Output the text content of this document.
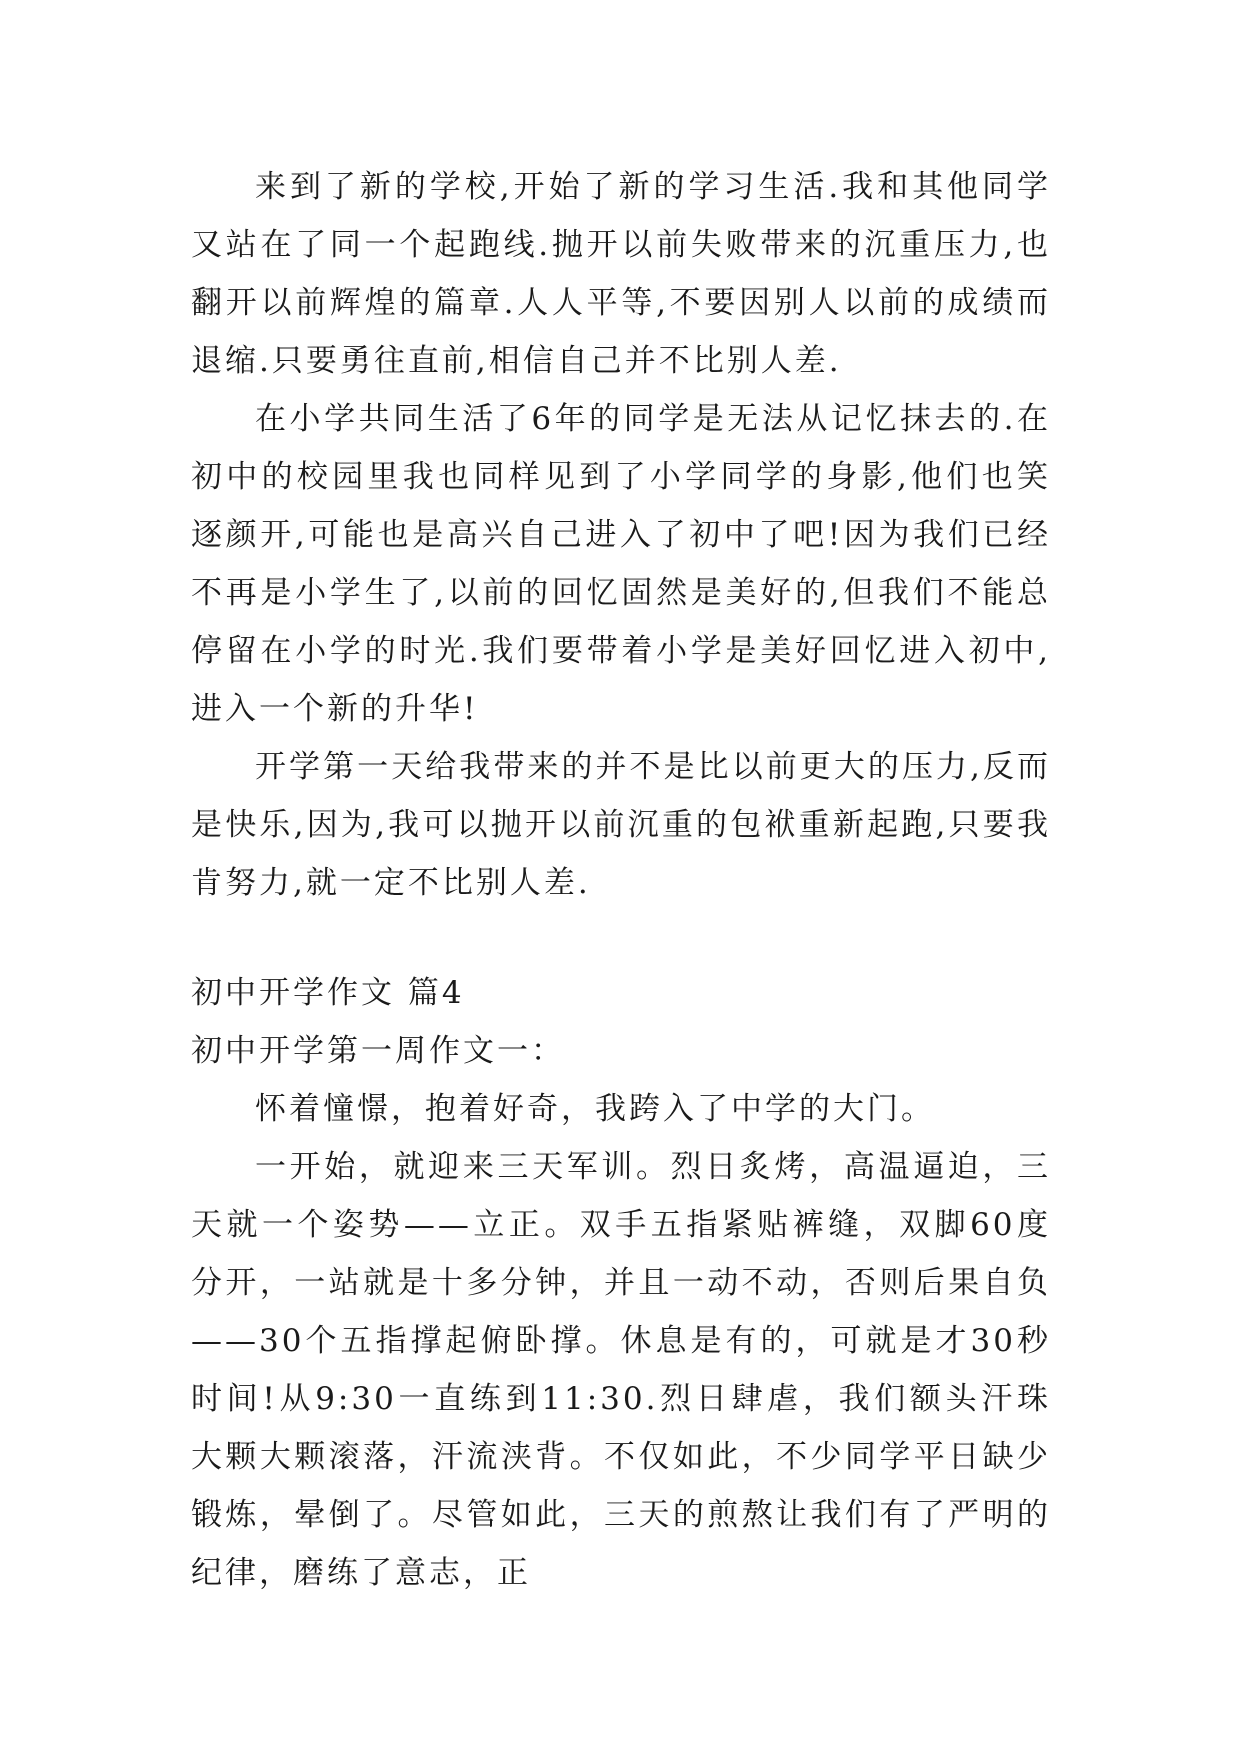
来到了新的学校,开始了新的学习生活.我和其他同学又站在了同一个起跑线.抛开以前失败带来的沉重压力,也翻开以前辉煌的篇章.人人平等,不要因别人以前的成绩而退缩.只要勇往直前,相信自己并不比别人差.

在小学共同生活了6年的同学是无法从记忆抹去的.在初中的校园里我也同样见到了小学同学的身影,他们也笑逐颜开,可能也是高兴自己进入了初中了吧!因为我们已经不再是小学生了,以前的回忆固然是美好的,但我们不能总停留在小学的时光.我们要带着小学是美好回忆进入初中,进入一个新的升华!

开学第一天给我带来的并不是比以前更大的压力,反而是快乐,因为,我可以抛开以前沉重的包袱重新起跑,只要我肯努力,就一定不比别人差.

初中开学作文 篇4

初中开学第一周作文一：

怀着憧憬，抱着好奇，我跨入了中学的大门。

一开始，就迎来三天军训。烈日炙烤，高温逼迫，三天就一个姿势——立正。双手五指紧贴裤缝，双脚60度分开，一站就是十多分钟，并且一动不动，否则后果自负——30个五指撑起俯卧撑。休息是有的，可就是才30秒时间!从9:30一直练到11:30.烈日肆虐，我们额头汗珠大颗大颗滚落，汗流浃背。不仅如此，不少同学平日缺少锻炼，晕倒了。尽管如此，三天的煎熬让我们有了严明的纪律，磨练了意志，正
